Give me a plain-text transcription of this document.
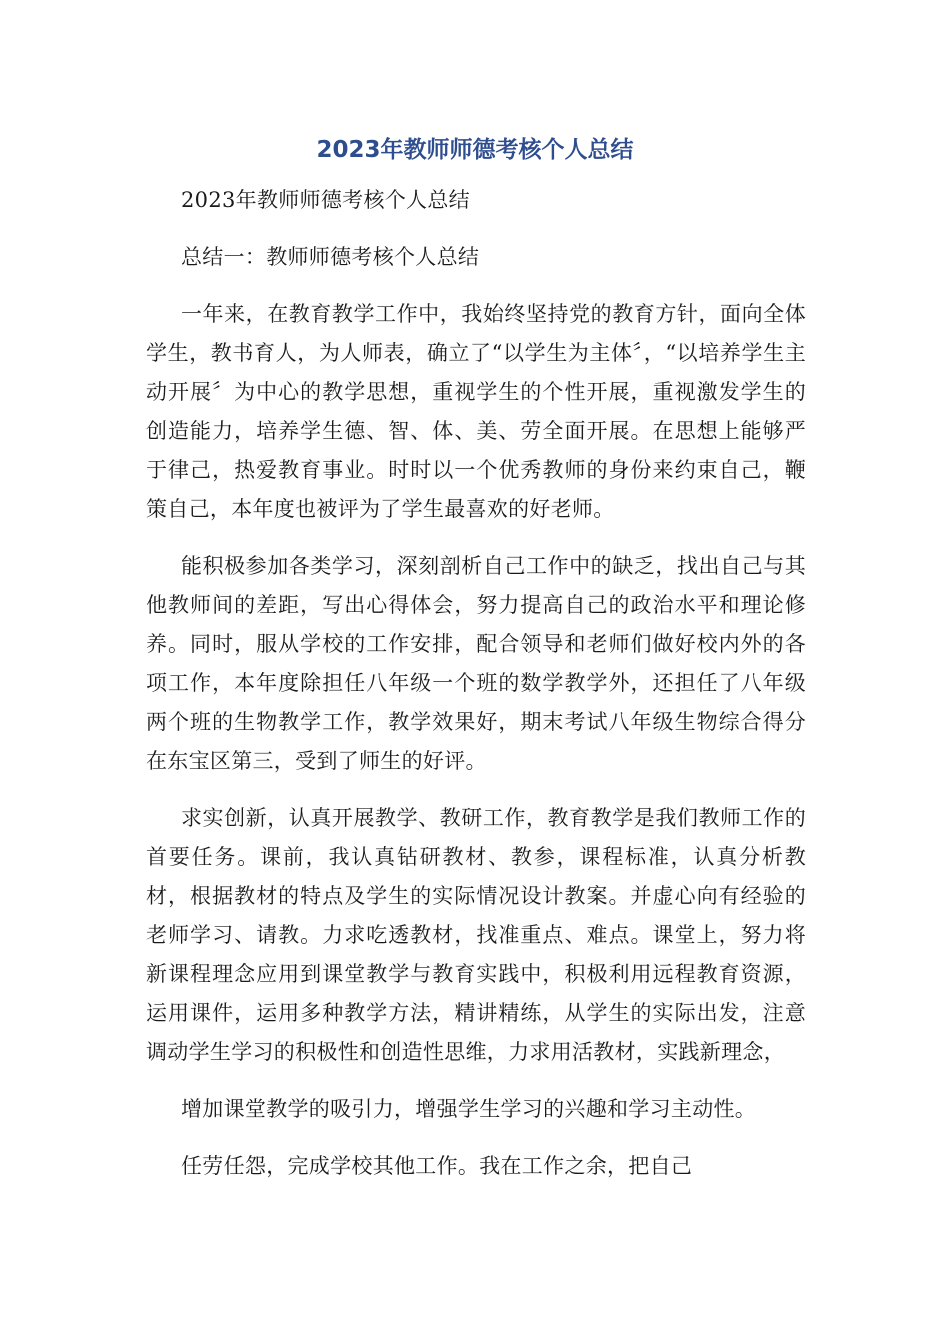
2023年教师师德考核个人总结

2023年教师师德考核个人总结

总结一：教师师德考核个人总结

一年来，在教育教学工作中，我始终坚持党的教育方针，面向全体学生，教书育人，为人师表，确立了“以学生为主体〞，“以培养学生主动开展〞为中心的教学思想，重视学生的个性开展，重视激发学生的创造能力，培养学生德、智、体、美、劳全面开展。在思想上能够严于律己，热爱教育事业。时时以一个优秀教师的身份来约束自己，鞭策自己，本年度也被评为了学生最喜欢的好老师。

能积极参加各类学习，深刻剖析自己工作中的缺乏，找出自己与其他教师间的差距，写出心得体会，努力提高自己的政治水平和理论修养。同时，服从学校的工作安排，配合领导和老师们做好校内外的各项工作，本年度除担任八年级一个班的数学教学外，还担任了八年级两个班的生物教学工作，教学效果好，期末考试八年级生物综合得分在东宝区第三，受到了师生的好评。

求实创新，认真开展教学、教研工作，教育教学是我们教师工作的首要任务。课前，我认真钻研教材、教参，课程标准，认真分析教材，根据教材的特点及学生的实际情况设计教案。并虚心向有经验的老师学习、请教。力求吃透教材，找准重点、难点。课堂上，努力将新课程理念应用到课堂教学与教育实践中，积极利用远程教育资源，运用课件，运用多种教学方法，精讲精练，从学生的实际出发，注意调动学生学习的积极性和创造性思维，力求用活教材，实践新理念，

增加课堂教学的吸引力，增强学生学习的兴趣和学习主动性。

任劳任怨，完成学校其他工作。我在工作之余，把自己
